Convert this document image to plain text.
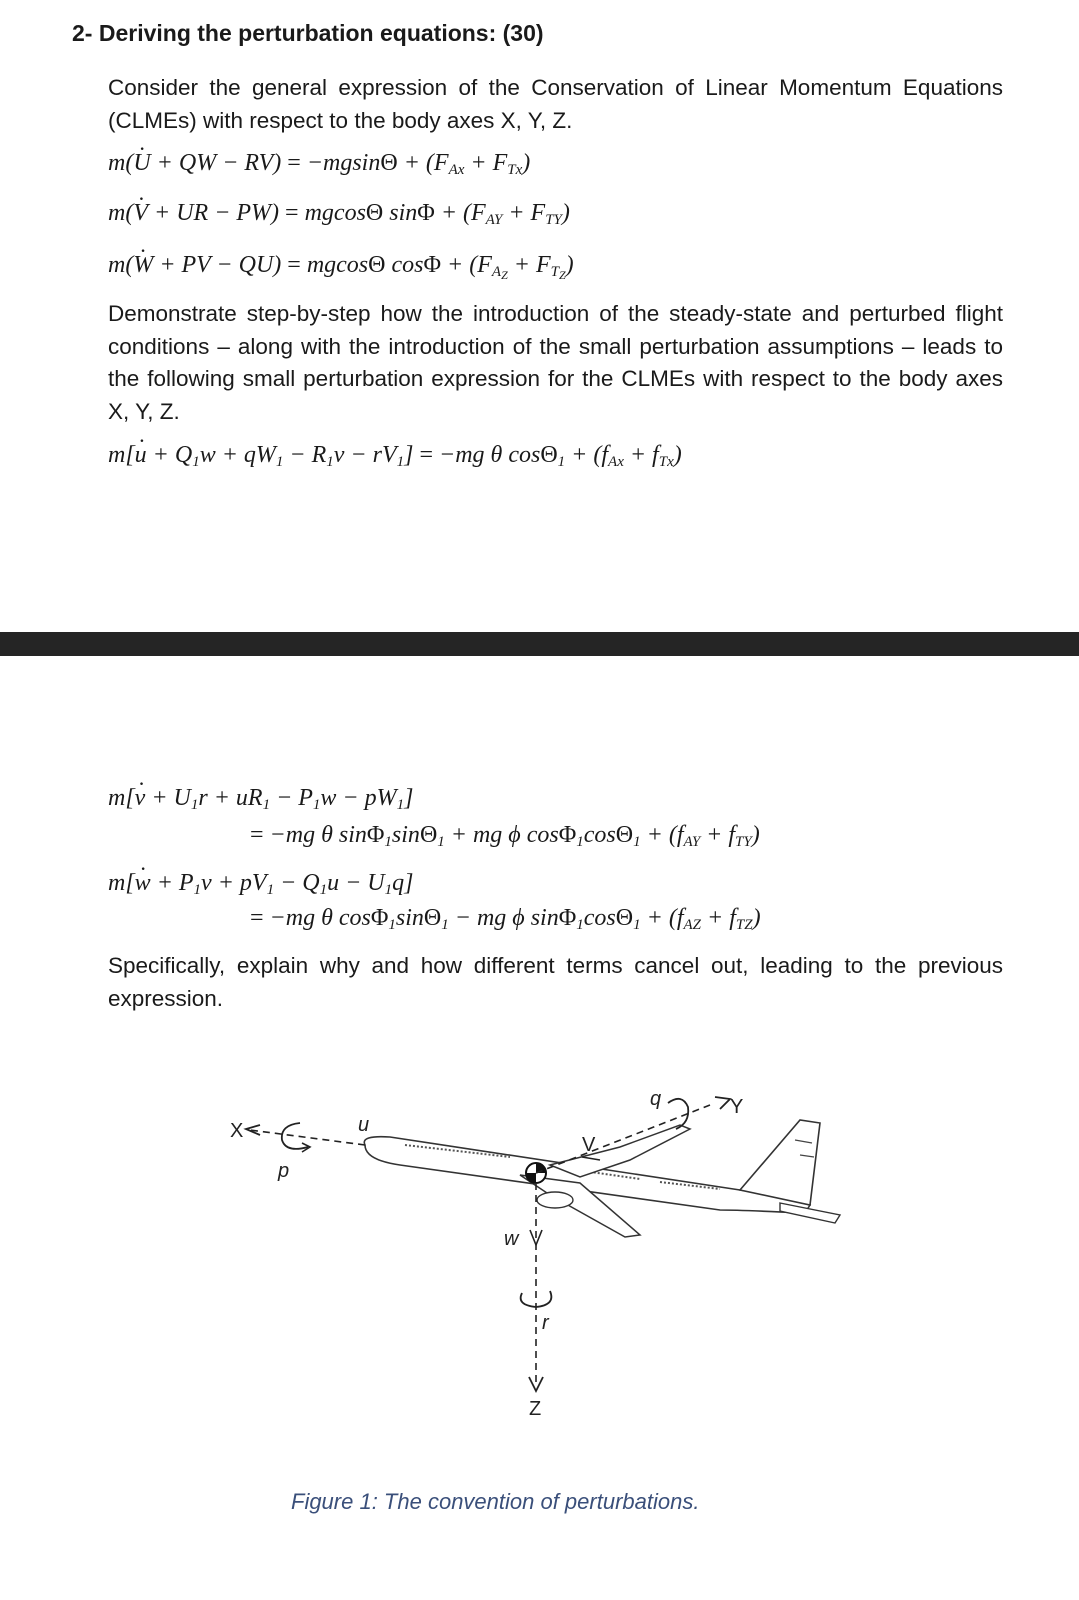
2- Deriving the perturbation equations: (30)
Consider the general expression of the Conservation of Linear Momentum Equations (CLMEs) with respect to the body axes X, Y, Z.
m(U · + QW − $RV) = -mgsin\Theta + (F_{Ax} + F_{Tx})$
m(V · + UR − PW) = mgcosΘ $\sin\Phi + (F_{AY} + F_{TY})$
m(W · + PV − QU) = mgcosΘ $\cos\Phi + (F_{A_Z} + F_{T_Z})$
Demonstrate step-by-step how the introduction of the steady-state and perturbed flight conditions – along with the introduction of the small perturbation assumptions – leads to the following small perturbation expression for the CLMEs with respect to the body axes X, Y, Z.
m[u · + $Q_1w + qW_1 - R_1v - rV_1] = -mg$ θ $\cos\Theta_1 + (f_{Ax} + f_{Tx})$
m[v · + $U_1r + uR_1 - P_1w - pW_1$]
= −mg θ sinΦ$_1$sinΘ$_1$ + mg ϕ $\cos\Phi_1\cos\Theta_1 + (f_{AY} + f_{TY})$
m[w · + $P_1v + pV_1 - Q_1u - U_1q$]
= −mg θ cosΦ$_1$sinΘ$_1$ − mg ϕ $\sin\Phi_1\cos\Theta_1 + (f_{AZ} + f_{TZ})$
Specifically, explain why and how different terms cancel out, leading to the previous expression.
X
p
u
Y
q
V
Z
w
r
Figure 1: The convention of perturbations.
